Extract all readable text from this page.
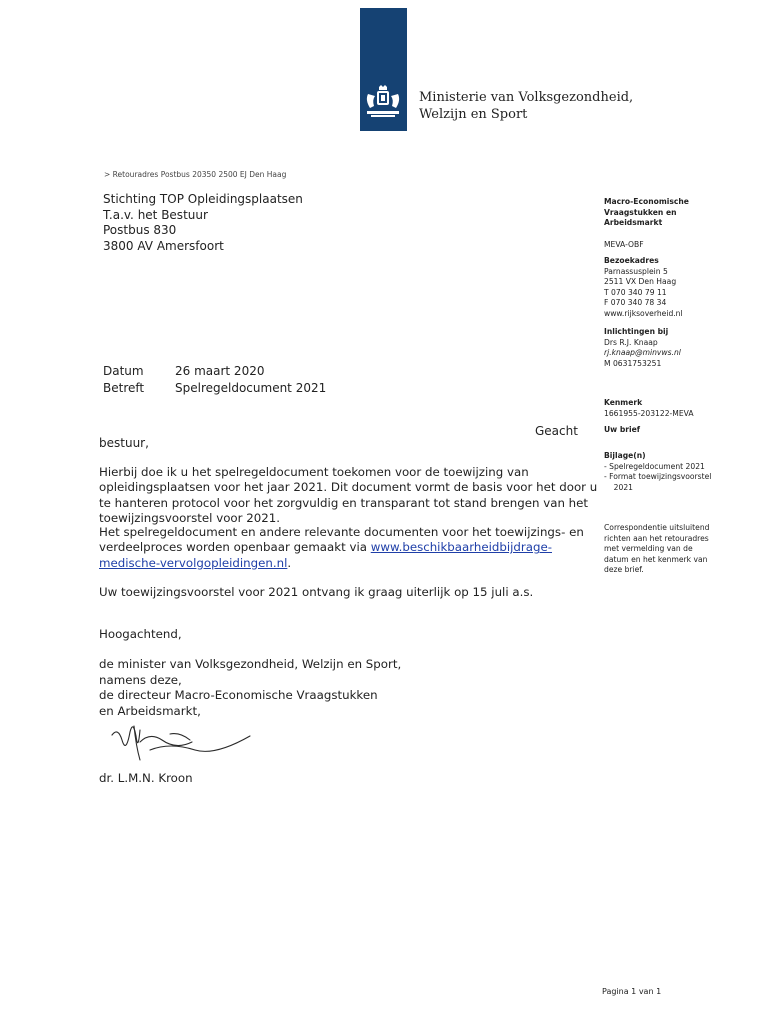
Ministerie van Volksgezondheid,
Welzijn en Sport
> Retouradres Postbus 20350 2500 EJ Den Haag
Stichting TOP Opleidingsplaatsen
T.a.v. het Bestuur
Postbus 830
3800 AV Amersfoort
Datum	26 maart 2020
Betreft	Spelregeldocument 2021
Geacht
bestuur,
Hierbij doe ik u het spelregeldocument toekomen voor de toewijzing van opleidingsplaatsen voor het jaar 2021. Dit document vormt de basis voor het door u te hanteren protocol voor het zorgvuldig en transparant tot stand brengen van het toewijzingsvoorstel voor 2021.
Het spelregeldocument en andere relevante documenten voor het toewijzings- en verdeelproces worden openbaar gemaakt via www.beschikbaarheidbijdrage-medische-vervolgopleidingen.nl.
Uw toewijzingsvoorstel voor 2021 ontvang ik graag uiterlijk op 15 juli a.s.
Hoogachtend,
de minister van Volksgezondheid, Welzijn en Sport,
namens deze,
de directeur Macro-Economische Vraagstukken
en Arbeidsmarkt,
dr. L.M.N. Kroon
Macro-Economische
Vraagstukken en
Arbeidsmarkt
MEVA-OBF
Bezoekadres
Parnassusplein 5
2511 VX Den Haag
T 070 340 79 11
F 070 340 78 34
www.rijksoverheid.nl
Inlichtingen bij
Drs R.J. Knaap
rj.knaap@minvws.nl
M 0631753251
Kenmerk
1661955-203122-MEVA
Uw brief
Bijlage(n)
- Spelregeldocument 2021
- Format toewijzingsvoorstel
2021
Correspondentie uitsluitend
richten aan het retouradres
met vermelding van de
datum en het kenmerk van
deze brief.
Pagina 1 van 1
